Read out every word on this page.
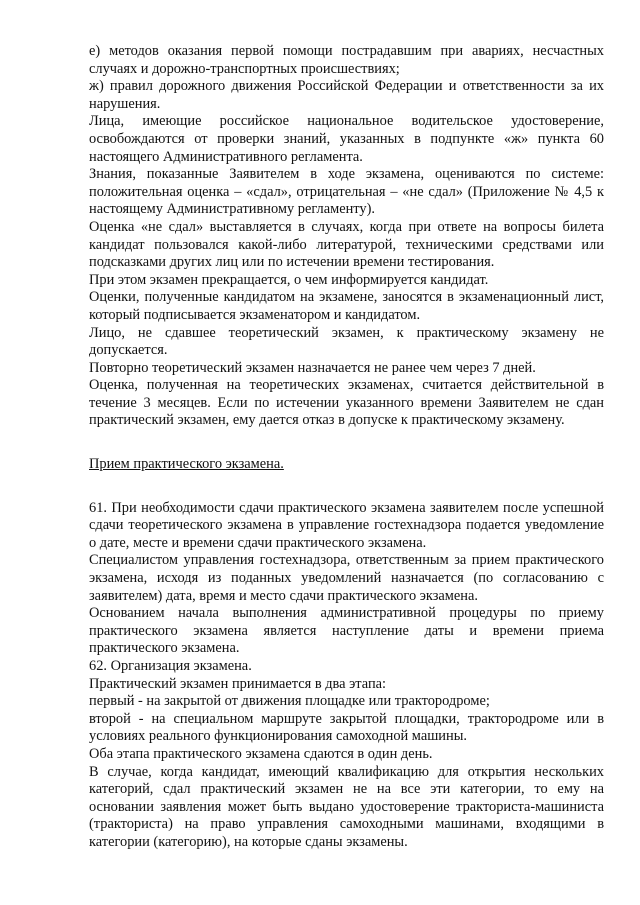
е) методов оказания первой помощи пострадавшим при авариях, несчастных случаях и дорожно-транспортных происшествиях;

ж) правил дорожного движения Российской Федерации и ответственности за их нарушения.

Лица, имеющие российское национальное водительское удостоверение, освобождаются от проверки знаний, указанных в подпункте «ж» пункта 60 настоящего Административного регламента.

Знания, показанные Заявителем в ходе экзамена, оцениваются по системе: положительная оценка – «сдал», отрицательная – «не сдал» (Приложение № 4,5 к настоящему Административному регламенту).

Оценка «не сдал» выставляется в случаях, когда при ответе на вопросы билета кандидат пользовался какой-либо литературой, техническими средствами или подсказками других лиц или по истечении времени тестирования.

При этом экзамен прекращается, о чем информируется кандидат.

Оценки, полученные кандидатом на экзамене, заносятся в экзаменационный лист, который подписывается экзаменатором и кандидатом.

Лицо, не сдавшее теоретический экзамен, к практическому экзамену не допускается.

Повторно теоретический экзамен назначается не ранее чем через 7 дней.

Оценка, полученная на теоретических экзаменах, считается действительной в течение 3 месяцев. Если по истечении указанного времени Заявителем не сдан практический экзамен, ему дается отказ в допуске к практическому экзамену.

Прием практического экзамена.

61. При необходимости сдачи практического экзамена заявителем после успешной сдачи теоретического экзамена в управление гостехнадзора подается уведомление о дате, месте и времени сдачи практического экзамена.

Специалистом управления гостехнадзора, ответственным за прием практического экзамена, исходя из поданных уведомлений назначается (по согласованию с заявителем) дата, время и место сдачи практического экзамена.

Основанием начала выполнения административной процедуры по приему практического экзамена является наступление даты и времени приема практического экзамена.

62. Организация экзамена.

Практический экзамен принимается в два этапа:

первый - на закрытой от движения площадке или трактородроме;

второй - на специальном маршруте закрытой площадки, трактородроме или в условиях реального функционирования самоходной машины.

Оба этапа практического экзамена сдаются в один день.

В случае, когда кандидат, имеющий квалификацию для открытия нескольких категорий, сдал практический экзамен не на все эти категории, то ему на основании заявления может быть выдано удостоверение тракториста-машиниста (тракториста) на право управления самоходными машинами, входящими в категории (категорию), на которые сданы экзамены.
